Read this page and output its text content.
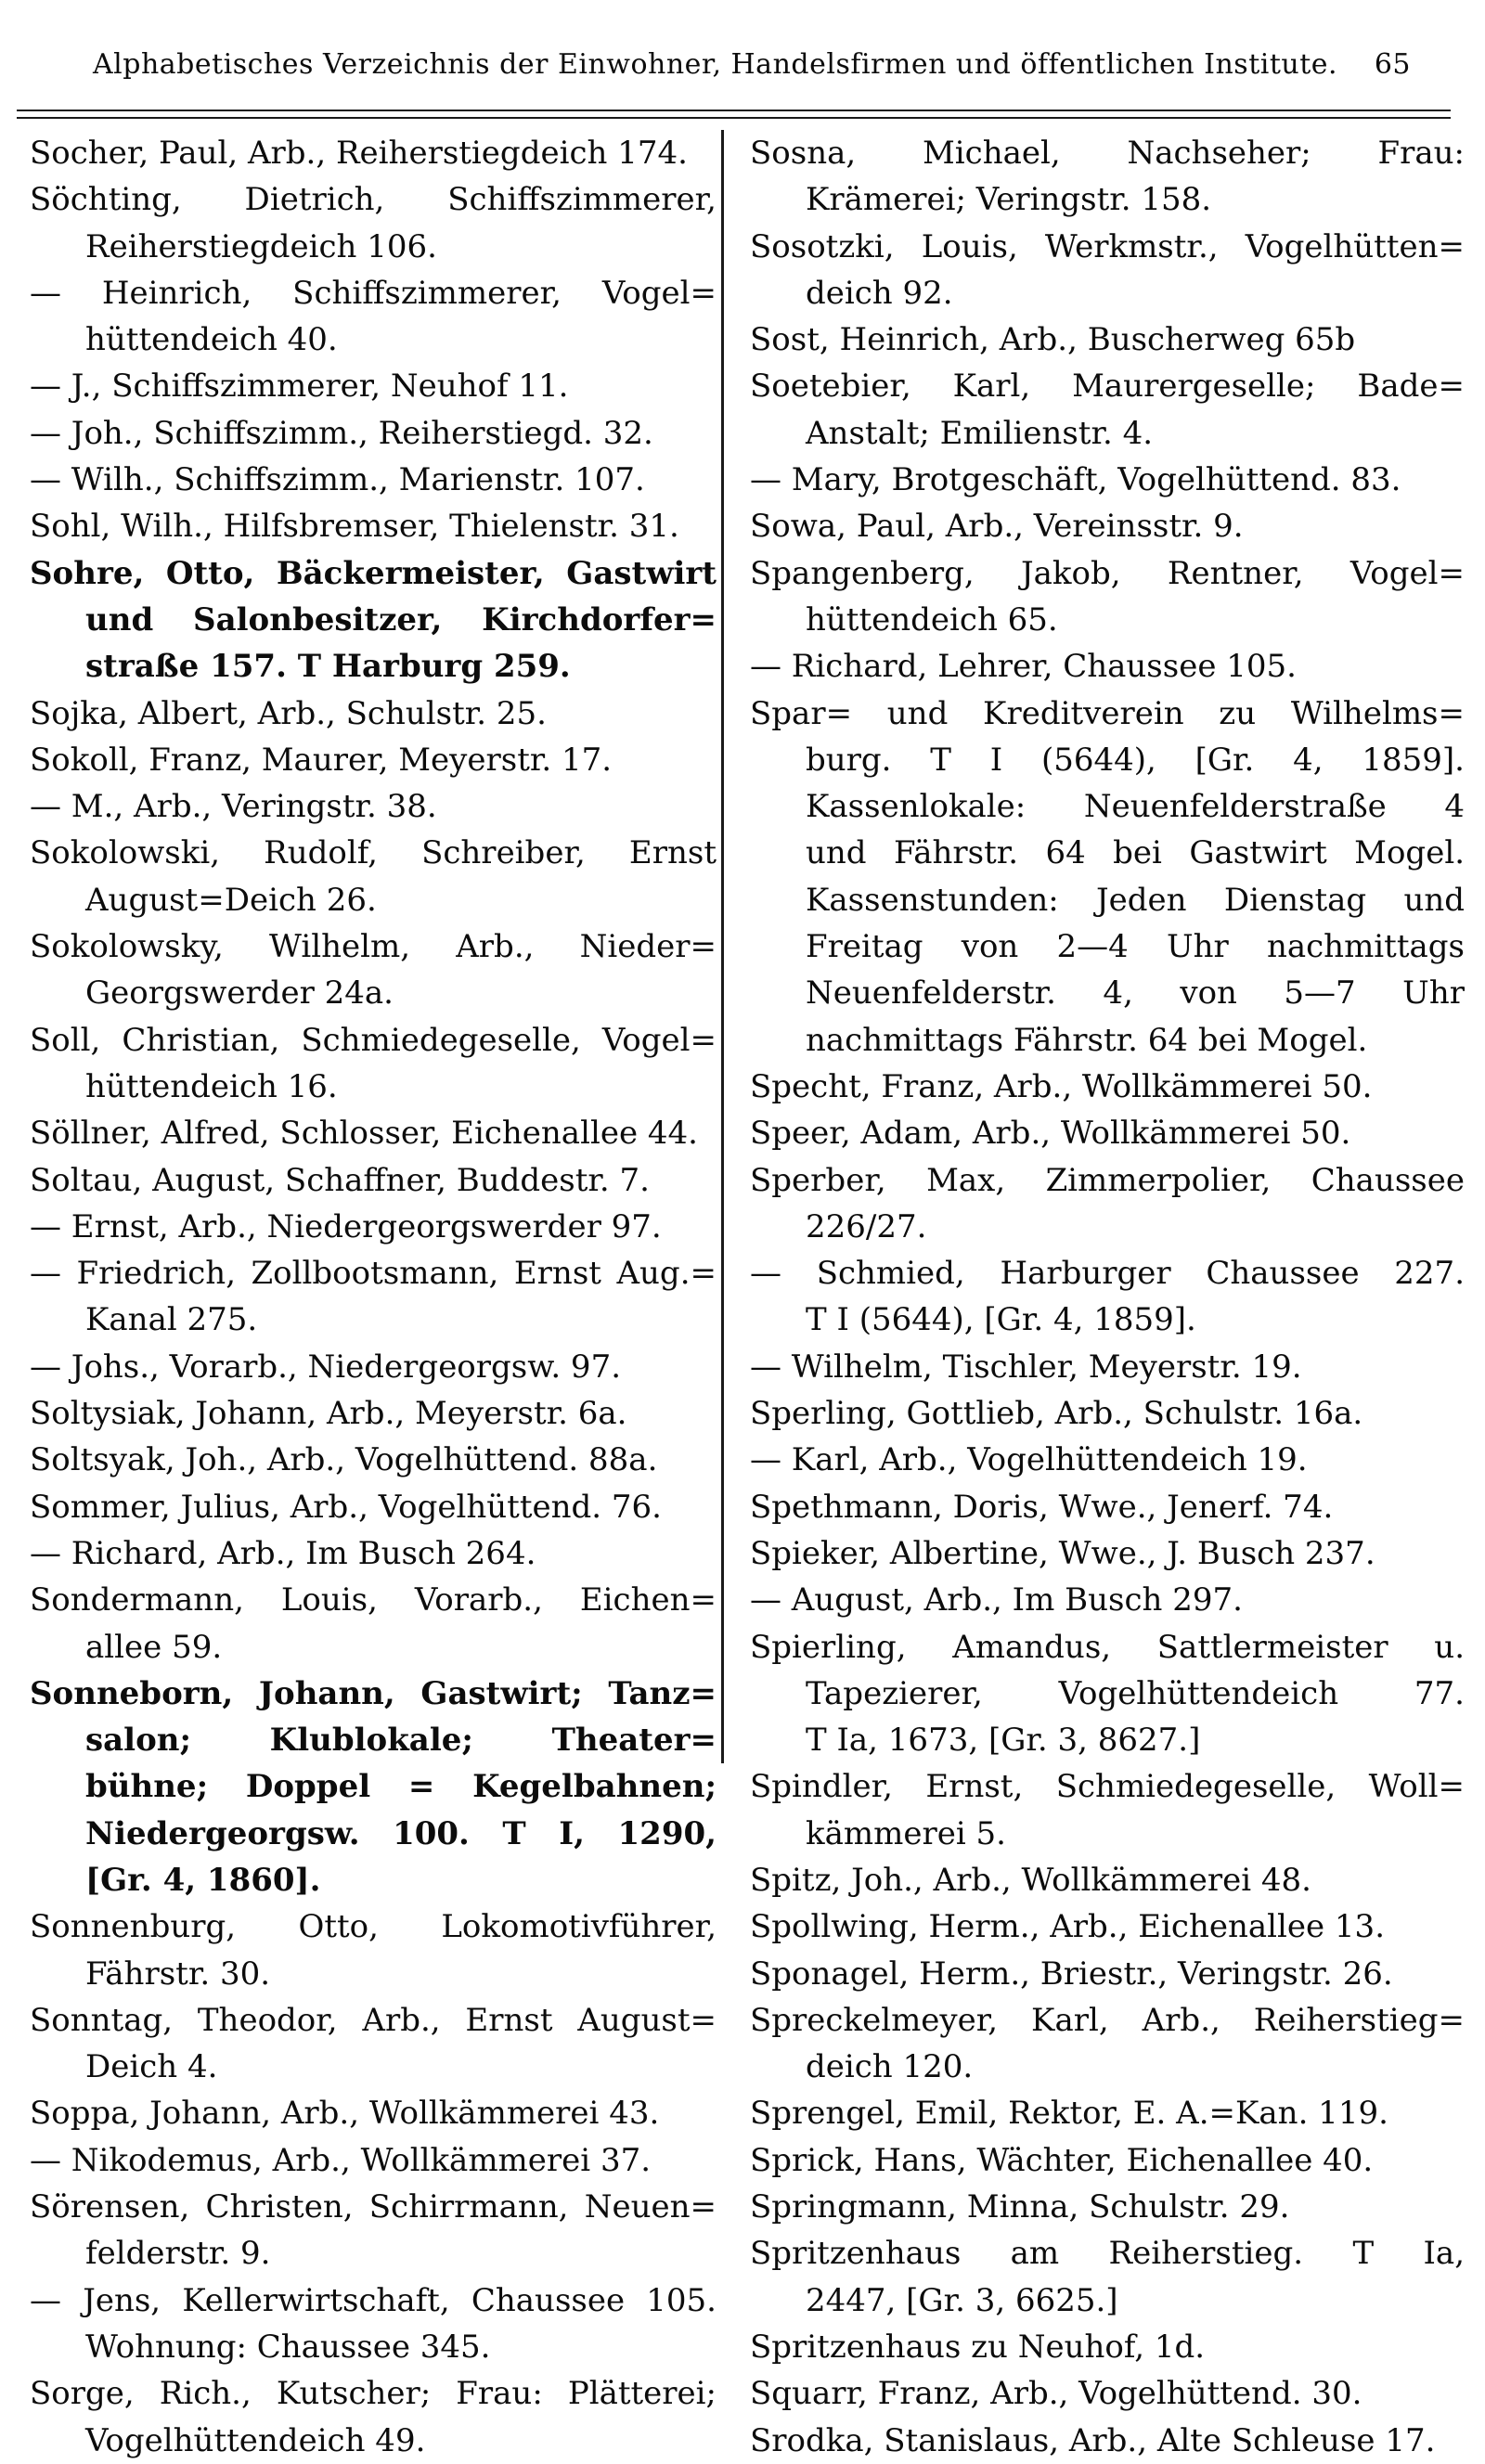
Alphabetisches Verzeichnis der Einwohner, Handelsfirmen und öffentlichen Institute. 65
Socher, Paul, Arb., Reiherstiegdeich 174.
Söchting, Dietrich, Schiffszimmerer,
Reiherstiegdeich 106.
— Heinrich, Schiffszimmerer, Vogel=
hüttendeich 40.
— J., Schiffszimmerer, Neuhof 11.
— Joh., Schiffszimm., Reiherstiegd. 32.
— Wilh., Schiffszimm., Marienstr. 107.
Sohl, Wilh., Hilfsbremser, Thielenstr. 31.
Sohre, Otto, Bäckermeister, Gastwirt
und Salonbesitzer, Kirchdorfer=
straße 157. T Harburg 259.
Sojka, Albert, Arb., Schulstr. 25.
Sokoll, Franz, Maurer, Meyerstr. 17.
— M., Arb., Veringstr. 38.
Sokolowski, Rudolf, Schreiber, Ernst
August=Deich 26.
Sokolowsky, Wilhelm, Arb., Nieder=
Georgswerder 24a.
Soll, Christian, Schmiedegeselle, Vogel=
hüttendeich 16.
Söllner, Alfred, Schlosser, Eichenallee 44.
Soltau, August, Schaffner, Buddestr. 7.
— Ernst, Arb., Niedergeorgswerder 97.
— Friedrich, Zollbootsmann, Ernst Aug.=
Kanal 275.
— Johs., Vorarb., Niedergeorgsw. 97.
Soltysiak, Johann, Arb., Meyerstr. 6a.
Soltsyak, Joh., Arb., Vogelhüttend. 88a.
Sommer, Julius, Arb., Vogelhüttend. 76.
— Richard, Arb., Im Busch 264.
Sondermann, Louis, Vorarb., Eichen=
allee 59.
Sonneborn, Johann, Gastwirt; Tanz=
salon; Klublokale; Theater=
bühne; Doppel = Kegelbahnen;
Niedergeorgsw. 100. T I, 1290,
[Gr. 4, 1860].
Sonnenburg, Otto, Lokomotivführer,
Fährstr. 30.
Sonntag, Theodor, Arb., Ernst August=
Deich 4.
Soppa, Johann, Arb., Wollkämmerei 43.
— Nikodemus, Arb., Wollkämmerei 37.
Sörensen, Christen, Schirrmann, Neuen=
felderstr. 9.
— Jens, Kellerwirtschaft, Chaussee 105.
Wohnung: Chaussee 345.
Sorge, Rich., Kutscher; Frau: Plätterei;
Vogelhüttendeich 49.
Sosna, Michael, Nachseher; Frau:
Krämerei; Veringstr. 158.
Sosotzki, Louis, Werkmstr., Vogelhütten=
deich 92.
Sost, Heinrich, Arb., Buscherweg 65b
Soetebier, Karl, Maurergeselle; Bade=
Anstalt; Emilienstr. 4.
— Mary, Brotgeschäft, Vogelhüttend. 83.
Sowa, Paul, Arb., Vereinsstr. 9.
Spangenberg, Jakob, Rentner, Vogel=
hüttendeich 65.
— Richard, Lehrer, Chaussee 105.
Spar= und Kreditverein zu Wilhelms=
burg. T I (5644), [Gr. 4, 1859].
Kassenlokale: Neuenfelderstraße 4
und Fährstr. 64 bei Gastwirt Mogel.
Kassenstunden: Jeden Dienstag und
Freitag von 2—4 Uhr nachmittags
Neuenfelderstr. 4, von 5—7 Uhr
nachmittags Fährstr. 64 bei Mogel.
Specht, Franz, Arb., Wollkämmerei 50.
Speer, Adam, Arb., Wollkämmerei 50.
Sperber, Max, Zimmerpolier, Chaussee
226/27.
— Schmied, Harburger Chaussee 227.
T I (5644), [Gr. 4, 1859].
— Wilhelm, Tischler, Meyerstr. 19.
Sperling, Gottlieb, Arb., Schulstr. 16a.
— Karl, Arb., Vogelhüttendeich 19.
Spethmann, Doris, Wwe., Jenerf. 74.
Spieker, Albertine, Wwe., J. Busch 237.
— August, Arb., Im Busch 297.
Spierling, Amandus, Sattlermeister u.
Tapezierer, Vogelhüttendeich 77.
T Ia, 1673, [Gr. 3, 8627.]
Spindler, Ernst, Schmiedegeselle, Woll=
kämmerei 5.
Spitz, Joh., Arb., Wollkämmerei 48.
Spollwing, Herm., Arb., Eichenallee 13.
Sponagel, Herm., Briestr., Veringstr. 26.
Spreckelmeyer, Karl, Arb., Reiherstieg=
deich 120.
Sprengel, Emil, Rektor, E. A.=Kan. 119.
Sprick, Hans, Wächter, Eichenallee 40.
Springmann, Minna, Schulstr. 29.
Spritzenhaus am Reiherstieg. T Ia,
2447, [Gr. 3, 6625.]
Spritzenhaus zu Neuhof, 1d.
Squarr, Franz, Arb., Vogelhüttend. 30.
Srodka, Stanislaus, Arb., Alte Schleuse 17.
